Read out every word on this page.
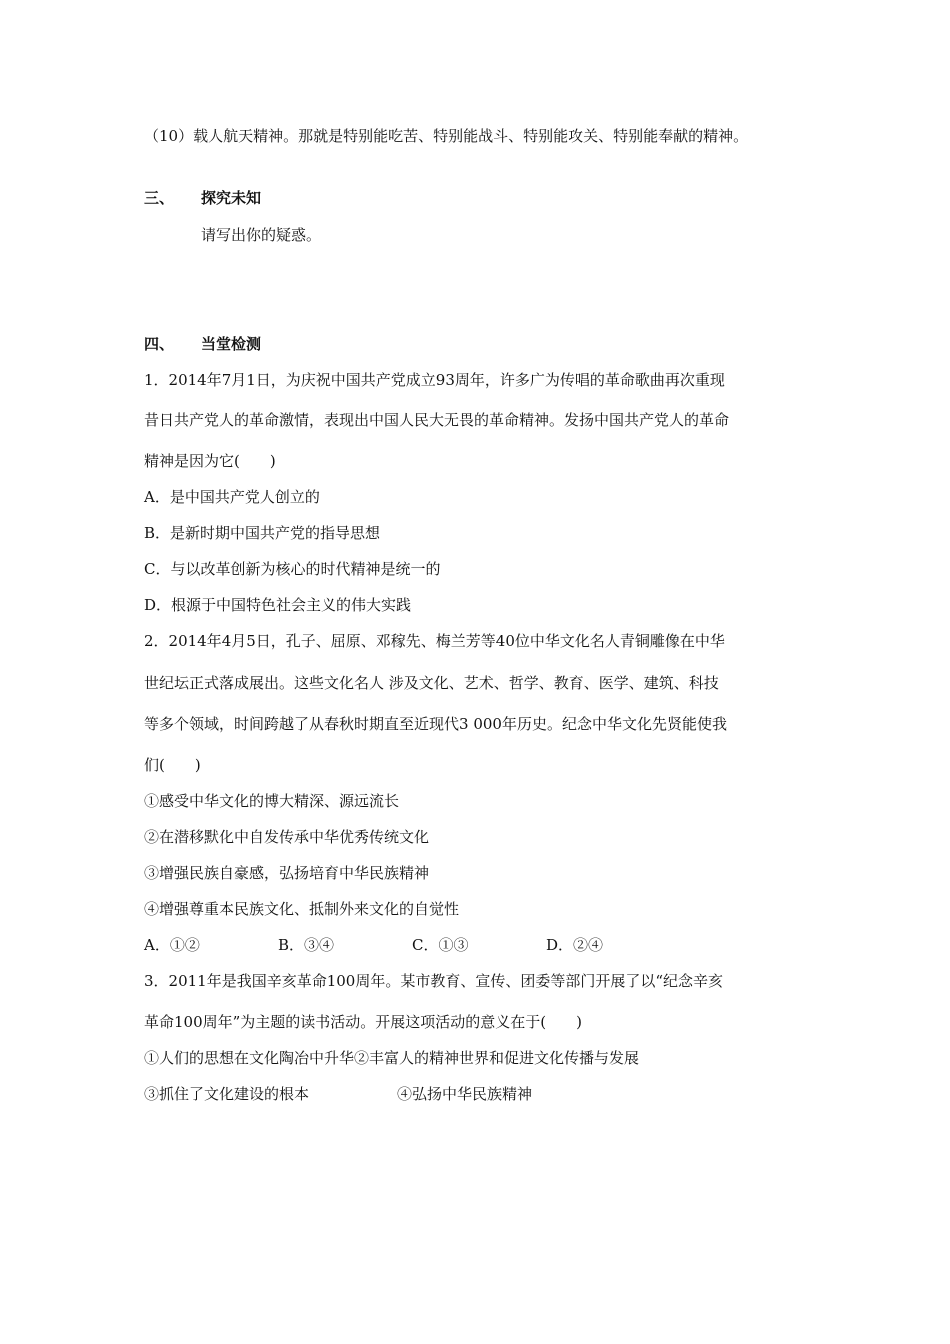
（10）载人航天精神。那就是特别能吃苦、特别能战斗、特别能攻关、特别能奉献的精神。
三、 探究未知
请写出你的疑惑。
四、 当堂检测
1．2014年7月1日，为庆祝中国共产党成立93周年，许多广为传唱的革命歌曲再次重现
昔日共产党人的革命激情，表现出中国人民大无畏的革命精神。发扬中国共产党人的革命
精神是因为它(　　)
A．是中国共产党人创立的
B．是新时期中国共产党的指导思想
C．与以改革创新为核心的时代精神是统一的
D．根源于中国特色社会主义的伟大实践
2．2014年4月5日，孔子、屈原、邓稼先、梅兰芳等40位中华文化名人青铜雕像在中华
世纪坛正式落成展出。这些文化名人 涉及文化、艺术、哲学、教育、医学、建筑、科技
等多个领域，时间跨越了从春秋时期直至近现代3 000年历史。纪念中华文化先贤能使我
们(　　)
①感受中华文化的博大精深、源远流长
②在潜移默化中自发传承中华优秀传统文化
③增强民族自豪感，弘扬培育中华民族精神
④增强尊重本民族文化、抵制外来文化的自觉性
A．①②	B．③④	C．①③	D．②④
3．2011年是我国辛亥革命100周年。某市教育、宣传、团委等部门开展了以“纪念辛亥
革命100周年”为主题的读书活动。开展这项活动的意义在于(　　)
①人们的思想在文化陶冶中升华②丰富人的精神世界和促进文化传播与发展
③抓住了文化建设的根本	④弘扬中华民族精神
